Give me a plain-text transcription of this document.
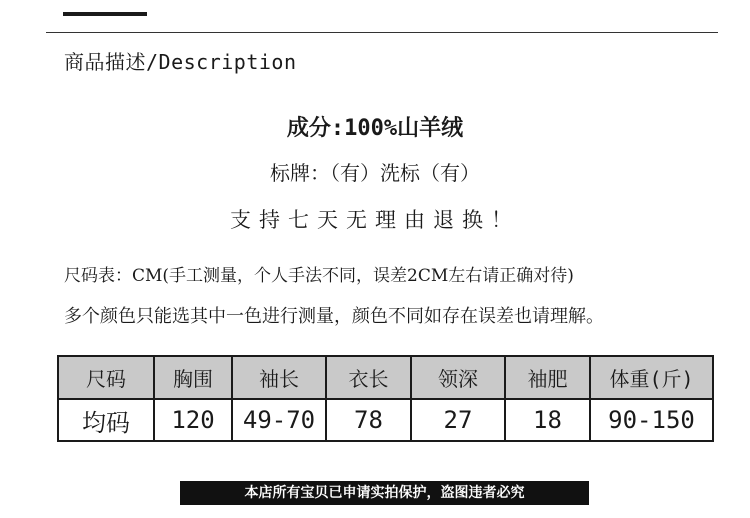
商品描述/Description
成分:100%山羊绒
标牌：（有）洗标（有）
支持七天无理由退换！
尺码表：CM(手工测量，个人手法不同，误差2CM左右请正确对待)
多个颜色只能选其中一色进行测量，颜色不同如存在误差也请理解。
尺码	胸围	袖长	衣长	领深	袖肥	体重(斤)
均码	120	49-70	78	27	18	90-150
本店所有宝贝已申请实拍保护，盗图违者必究
